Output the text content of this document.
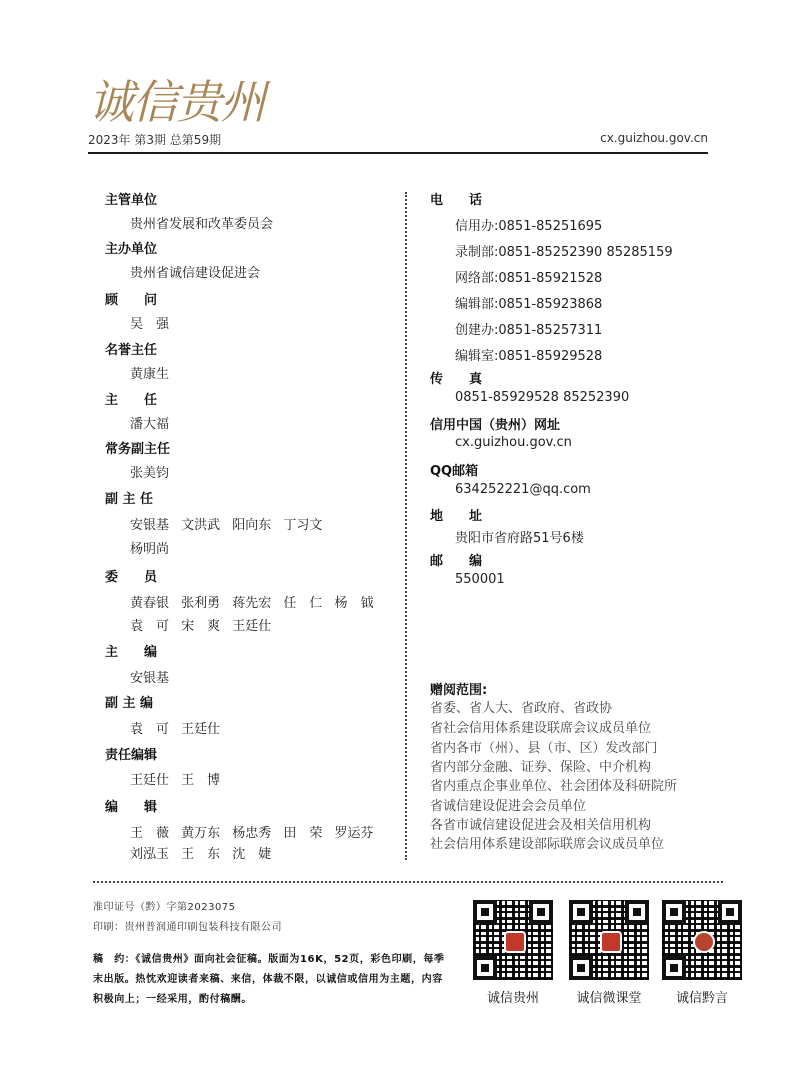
诚信贵州
2023年 第3期 总第59期	cx.guizhou.gov.cn
主管单位
贵州省发展和改革委员会
主办单位
贵州省诚信建设促进会
顾　　问
吴　强
名誉主任
黄康生
主　　任
潘大福
常务副主任
张美钧
副 主 任
安银基 文洪武 阳向东 丁习文
杨明尚
委　　员
黄春银 张利勇 蒋先宏 任　仁 杨　钺
袁　可 宋　爽 王廷仕
主　　编
安银基
副 主 编
袁　可 王廷仕
责任编辑
王廷仕 王　博
编　　辑
王　薇 黄万东 杨忠秀 田　荣 罗运芬
刘泓玉 王　东 沈　婕
电　　话
信用办:0851-85251695
录制部:0851-85252390 85285159
网络部:0851-85921528
编辑部:0851-85923868
创建办:0851-85257311
编辑室:0851-85929528
传　　真
0851-85929528 85252390
信用中国（贵州）网址
cx.guizhou.gov.cn
QQ邮箱
634252221@qq.com
地　　址
贵阳市省府路51号6楼
邮　　编
550001
赠阅范围:
省委、省人大、省政府、省政协
省社会信用体系建设联席会议成员单位
省内各市（州）、县（市、区）发改部门
省内部分金融、证券、保险、中介机构
省内重点企事业单位、社会团体及科研院所
省诚信建设促进会会员单位
各省市诚信建设促进会及相关信用机构
社会信用体系建设部际联席会议成员单位
准印证号（黔）字第2023075
印刷：贵州普润通印刷包装科技有限公司
稿　约：《诚信贵州》面向社会征稿。版面为16K，52页，彩色印刷，每季末出版。热忱欢迎读者来稿、来信，体裁不限，以诚信或信用为主题，内容积极向上；一经采用，酌付稿酬。	诚信贵州	诚信微课堂	诚信黔言
